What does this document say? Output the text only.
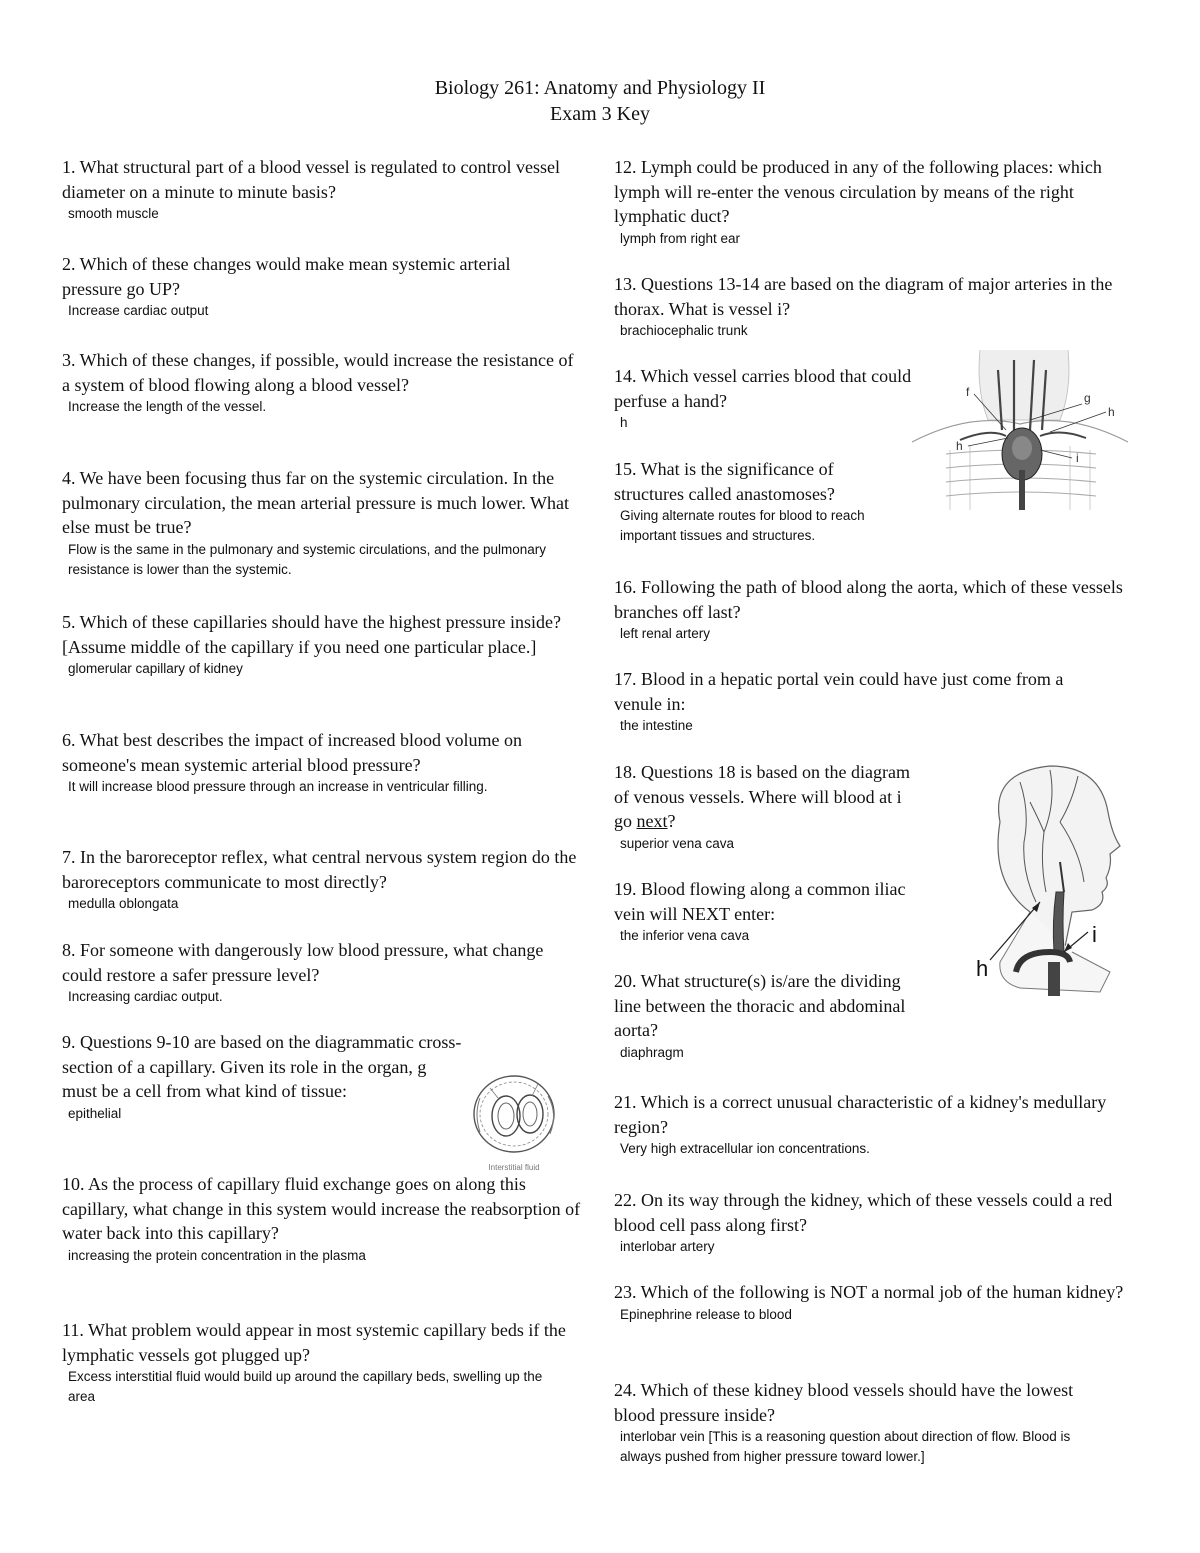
Biology 261: Anatomy and Physiology II
Exam 3 Key

1. What structural part of a blood vessel is regulated to control vessel diameter on a minute to minute basis?

smooth muscle

2. Which of these changes would make mean systemic arterial pressure go UP?

Increase cardiac output

3. Which of these changes, if possible, would increase the resistance of a system of blood flowing along a blood vessel?

Increase the length of the vessel.

4. We have been focusing thus far on the systemic circulation. In the pulmonary circulation, the mean arterial pressure is much lower. What else must be true?

Flow is the same in the pulmonary and systemic circulations, and the pulmonary resistance is lower than the systemic.

5. Which of these capillaries should have the highest pressure inside? [Assume middle of the capillary if you need one particular place.]

glomerular capillary of kidney

6. What best describes the impact of increased blood volume on someone's mean systemic arterial blood pressure?

It will increase blood pressure through an increase in ventricular filling.

7. In the baroreceptor reflex, what central nervous system region do the baroreceptors communicate to most directly?

medulla oblongata

8. For someone with dangerously low blood pressure, what change could restore a safer pressure level?

Increasing cardiac output.

9. Questions 9-10 are based on the diagrammatic cross-section of a capillary. Given its role in the organ, g must be a cell from what kind of tissue:

epithelial

10. As the process of capillary fluid exchange goes on along this capillary, what change in this system would increase the reabsorption of water back into this capillary?

increasing the protein concentration in the plasma

11. What problem would appear in most systemic capillary beds if the lymphatic vessels got plugged up?

Excess interstitial fluid would build up around the capillary beds, swelling up the area

12. Lymph could be produced in any of the following places: which lymph will re-enter the venous circulation by means of the right lymphatic duct?

lymph from right ear

13. Questions 13-14 are based on the diagram of major arteries in the thorax. What is vessel i?

brachiocephalic trunk

14. Which vessel carries blood that could perfuse a hand?

h

15. What is the significance of structures called anastomoses?

Giving alternate routes for blood to reach important tissues and structures.

16. Following the path of blood along the aorta, which of these vessels branches off last?

left renal artery

17. Blood in a hepatic portal vein could have just come from a venule in:

the intestine

18. Questions 18 is based on the diagram of venous vessels. Where will blood at i go next?

superior vena cava

19. Blood flowing along a common iliac vein will NEXT enter:

the inferior vena cava

20. What structure(s) is/are the dividing line between the thoracic and abdominal aorta?

diaphragm

21. Which is a correct unusual characteristic of a kidney's medullary region?

Very high extracellular ion concentrations.

22. On its way through the kidney, which of these vessels could a red blood cell pass along first?

interlobar artery

23. Which of the following is NOT a normal job of the human kidney?

Epinephrine release to blood

24. Which of these kidney blood vessels should have the lowest blood pressure inside?

interlobar vein [This is a reasoning question about direction of flow. Blood is always pushed from higher pressure toward lower.]

Interstitial fluid
f	g
h
h
i
h
i
